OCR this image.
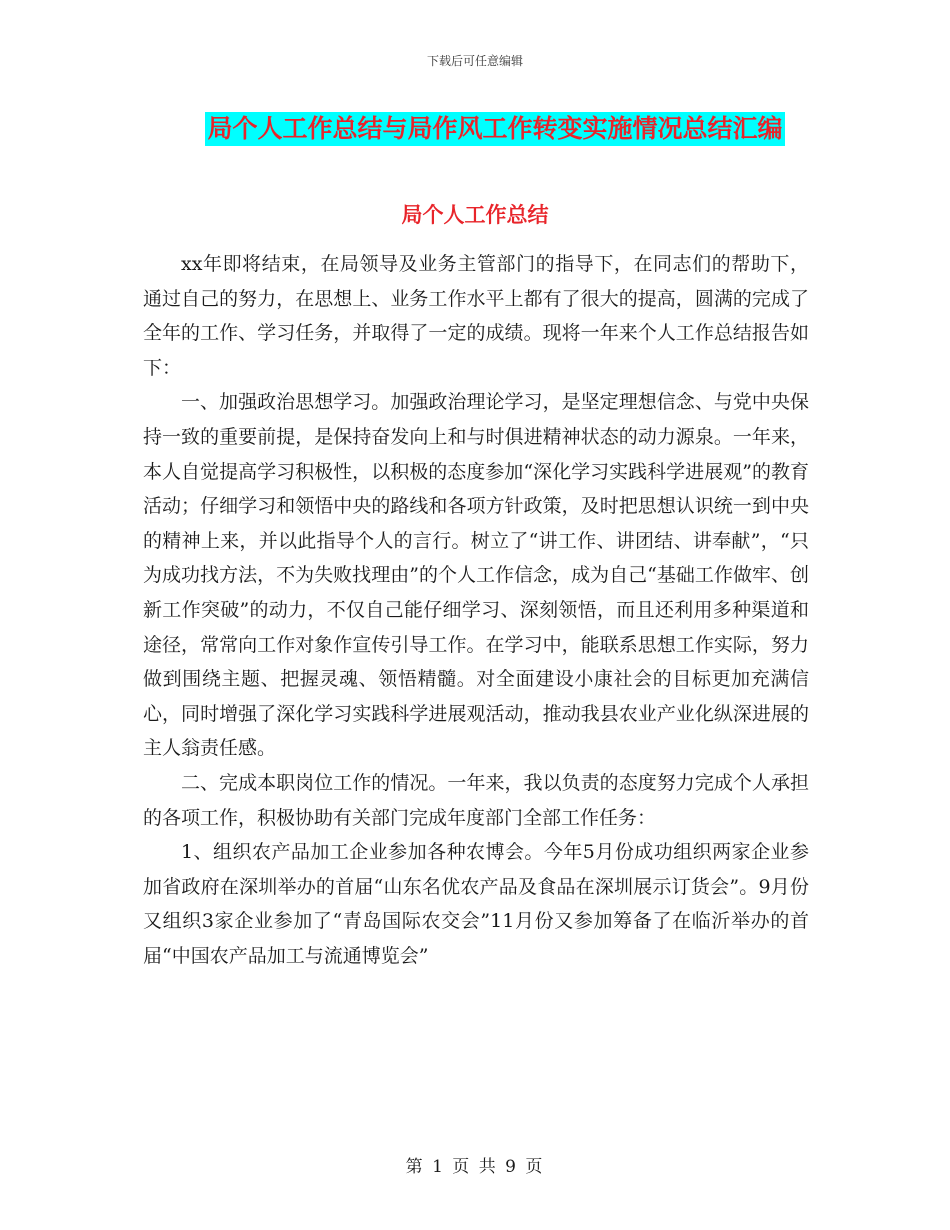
下载后可任意编辑
局个人工作总结与局作风工作转变实施情况总结汇编
局个人工作总结

xx年即将结束，在局领导及业务主管部门的指导下，在同志们的帮助下，通过自己的努力，在思想上、业务工作水平上都有了很大的提高，圆满的完成了全年的工作、学习任务，并取得了一定的成绩。现将一年来个人工作总结报告如下：

一、加强政治思想学习。加强政治理论学习，是坚定理想信念、与党中央保持一致的重要前提，是保持奋发向上和与时俱进精神状态的动力源泉。一年来，本人自觉提高学习积极性，以积极的态度参加“深化学习实践科学进展观”的教育活动；仔细学习和领悟中央的路线和各项方针政策，及时把思想认识统一到中央的精神上来，并以此指导个人的言行。树立了“讲工作、讲团结、讲奉献”，“只为成功找方法，不为失败找理由”的个人工作信念，成为自己“基础工作做牢、创新工作突破”的动力，不仅自己能仔细学习、深刻领悟，而且还利用多种渠道和途径，常常向工作对象作宣传引导工作。在学习中，能联系思想工作实际，努力做到围绕主题、把握灵魂、领悟精髓。对全面建设小康社会的目标更加充满信心，同时增强了深化学习实践科学进展观活动，推动我县农业产业化纵深进展的主人翁责任感。

二、完成本职岗位工作的情况。一年来，我以负责的态度努力完成个人承担的各项工作，积极协助有关部门完成年度部门全部工作任务：

1、组织农产品加工企业参加各种农博会。今年5月份成功组织两家企业参加省政府在深圳举办的首届“山东名优农产品及食品在深圳展示订货会”。9月份又组织3家企业参加了“青岛国际农交会”11月份又参加筹备了在临沂举办的首届“中国农产品加工与流通博览会”

第 1 页 共 9 页
